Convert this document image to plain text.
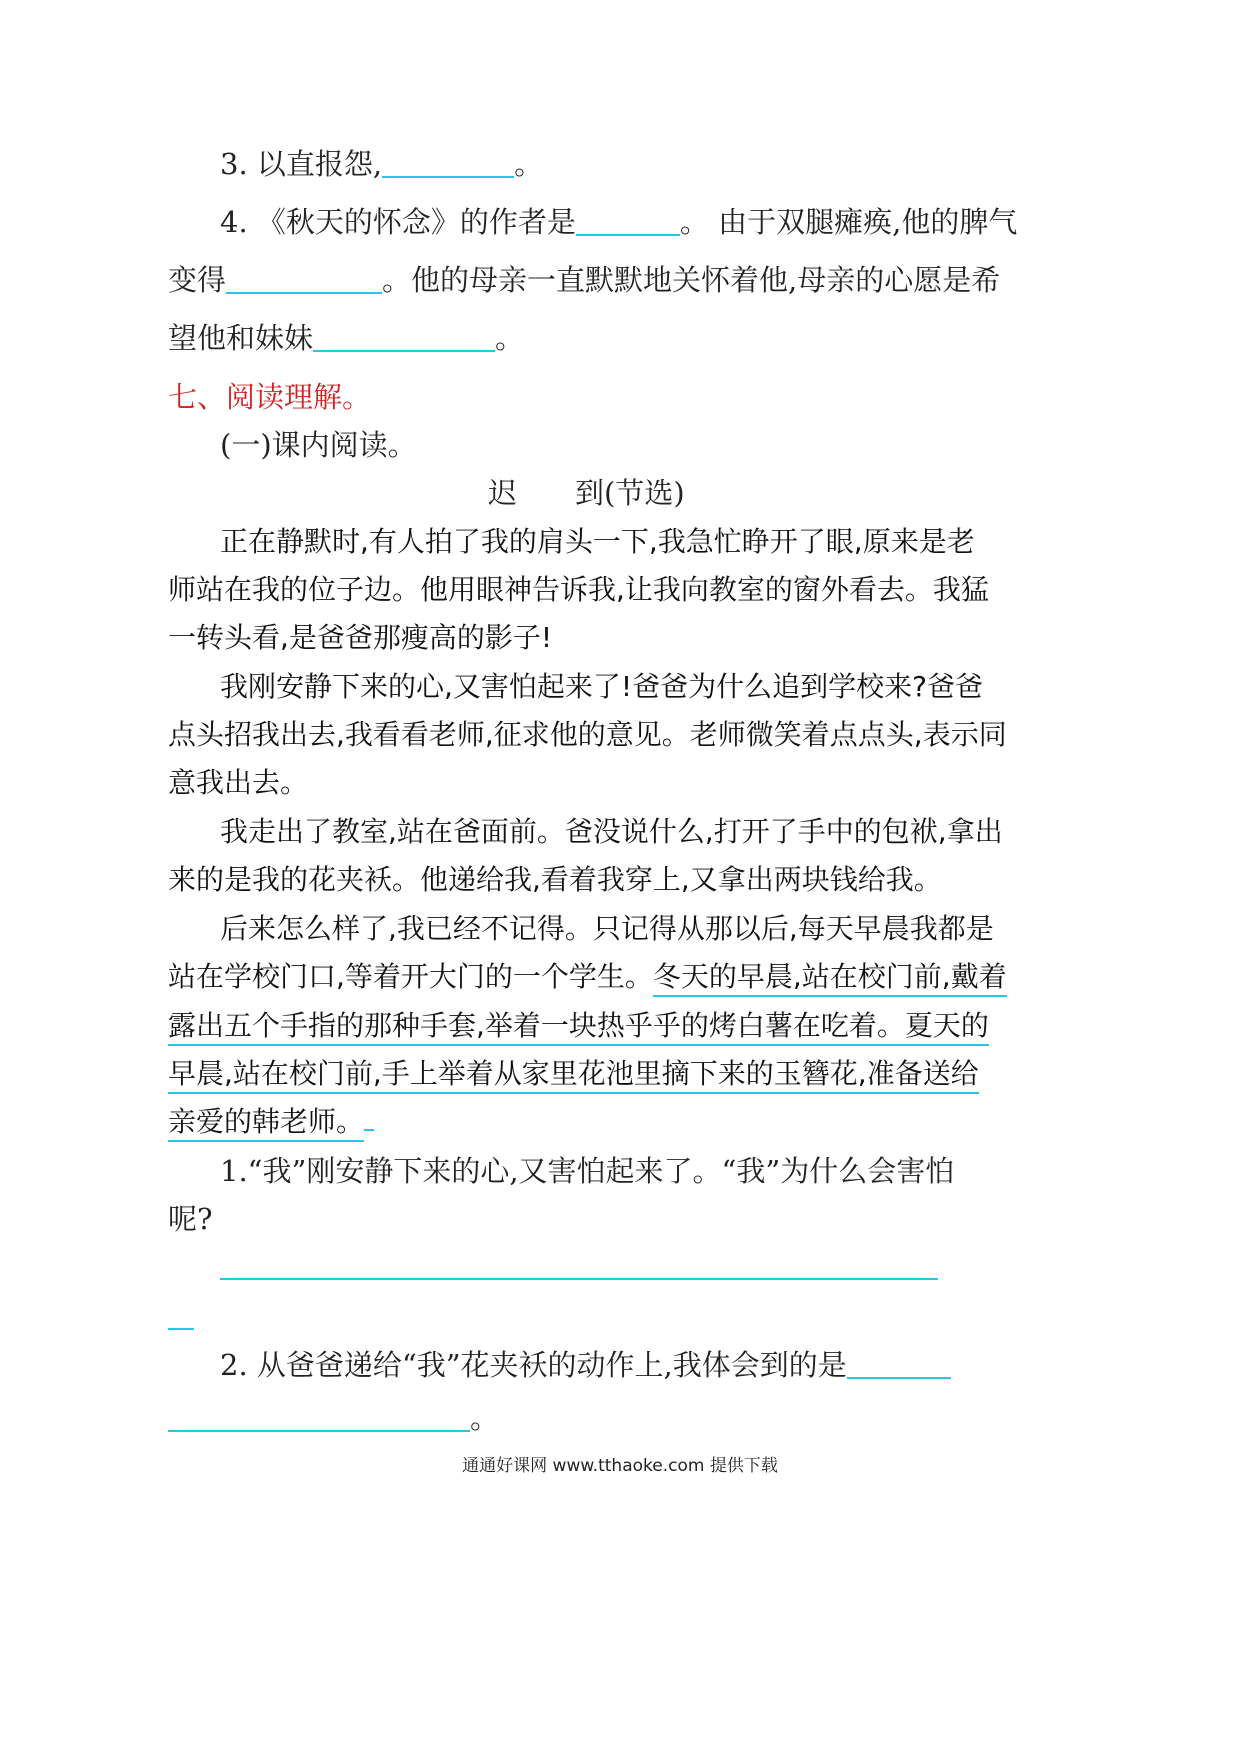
3. 以直报怨,	。
4. 《秋天的怀念》的作者是	。 由于双腿瘫痪,他的脾气
变得	。他的母亲一直默默地关怀着他,母亲的心愿是希
望他和妹妹	。
七、阅读理解。
(一)课内阅读。
迟　　到(节选)
正在静默时,有人拍了我的肩头一下,我急忙睁开了眼,原来是老
师站在我的位子边。他用眼神告诉我,让我向教室的窗外看去。我猛
一转头看,是爸爸那瘦高的影子!
我刚安静下来的心,又害怕起来了!爸爸为什么追到学校来?爸爸
点头招我出去,我看看老师,征求他的意见。老师微笑着点点头,表示同
意我出去。
我走出了教室,站在爸面前。爸没说什么,打开了手中的包袱,拿出
来的是我的花夹袄。他递给我,看着我穿上,又拿出两块钱给我。
后来怎么样了,我已经不记得。只记得从那以后,每天早晨我都是
站在学校门口,等着开大门的一个学生。冬天的早晨,站在校门前,戴着
露出五个手指的那种手套,举着一块热乎乎的烤白薯在吃着。夏天的
早晨,站在校门前,手上举着从家里花池里摘下来的玉簪花,准备送给
亲爱的韩老师。
1.“我”刚安静下来的心,又害怕起来了。“我”为什么会害怕
呢?
2. 从爸爸递给“我”花夹袄的动作上,我体会到的是
。
通通好课网 www.tthaoke.com 提供下载
